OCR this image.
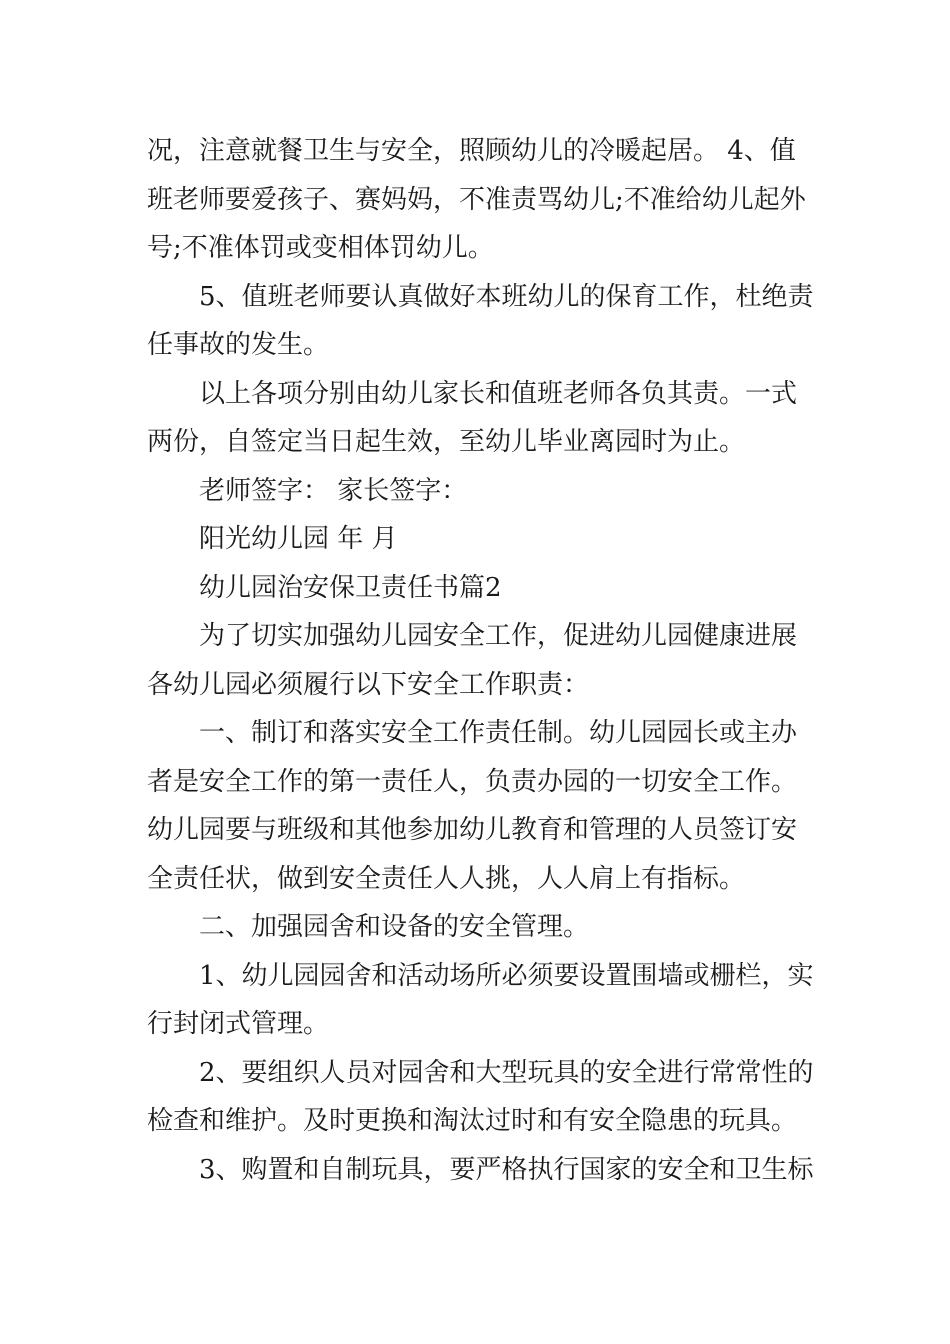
况，注意就餐卫生与安全，照顾幼儿的冷暖起居。 4、值
班老师要爱孩子、赛妈妈，不准责骂幼儿;不准给幼儿起外
号;不准体罚或变相体罚幼儿。
5、值班老师要认真做好本班幼儿的保育工作，杜绝责
任事故的发生。
以上各项分别由幼儿家长和值班老师各负其责。一式
两份，自签定当日起生效，至幼儿毕业离园时为止。
老师签字： 家长签字：
阳光幼儿园 年 月
幼儿园治安保卫责任书篇2
为了切实加强幼儿园安全工作，促进幼儿园健康进展
各幼儿园必须履行以下安全工作职责：
一、制订和落实安全工作责任制。幼儿园园长或主办
者是安全工作的第一责任人，负责办园的一切安全工作。
幼儿园要与班级和其他参加幼儿教育和管理的人员签订安
全责任状，做到安全责任人人挑，人人肩上有指标。
二、加强园舍和设备的安全管理。
1、幼儿园园舍和活动场所必须要设置围墙或栅栏，实
行封闭式管理。
2、要组织人员对园舍和大型玩具的安全进行常常性的
检查和维护。及时更换和淘汰过时和有安全隐患的玩具。
3、购置和自制玩具，要严格执行国家的安全和卫生标
